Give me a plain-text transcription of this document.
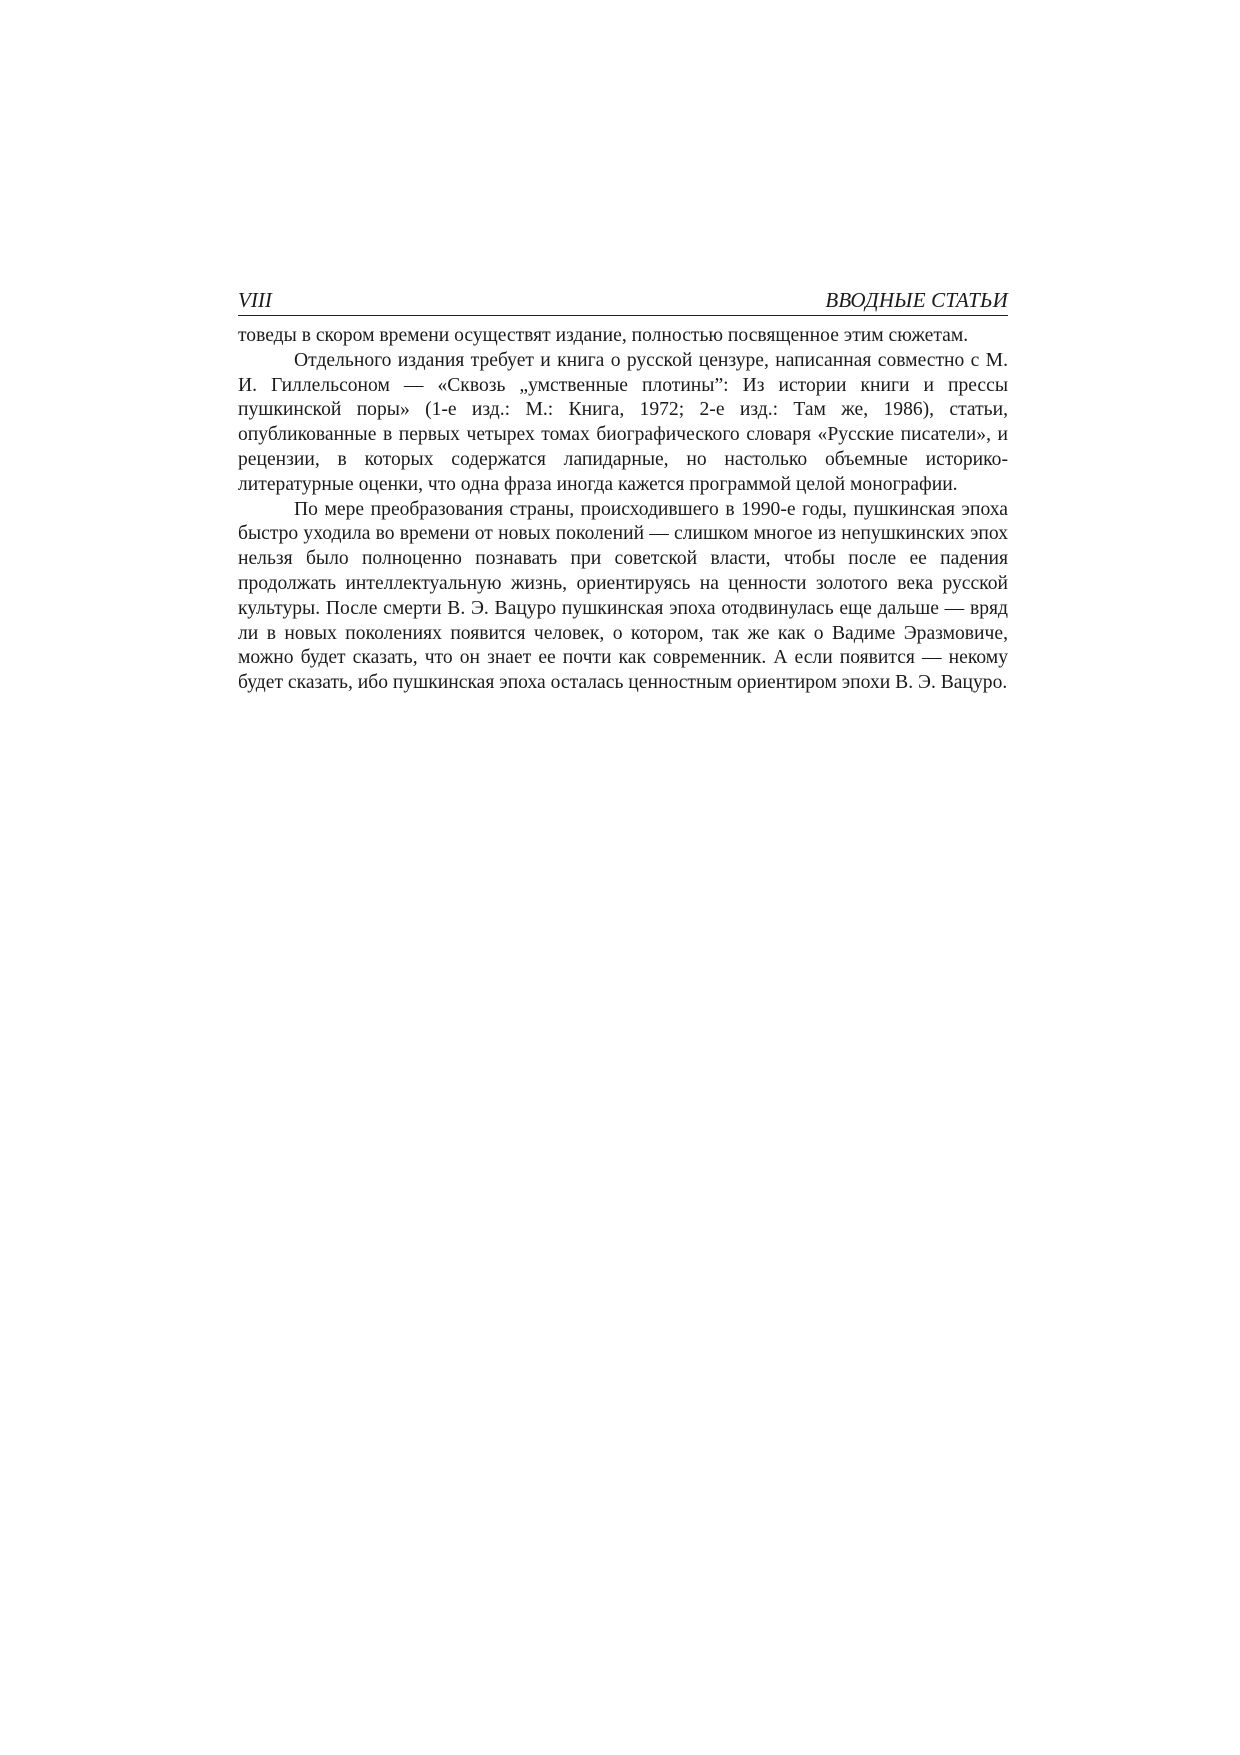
VIII	ВВОДНЫЕ СТАТЬИ

товеды в скором времени осуществят издание, полностью посвященное этим сюжетам.

Отдельного издания требует и книга о русской цензуре, написанная совместно с М. И. Гиллельсоном — «Сквозь „умственные плотины”: Из истории книги и прессы пушкинской поры» (1-е изд.: М.: Книга, 1972; 2-е изд.: Там же, 1986), статьи, опубликованные в первых четырех томах биографического словаря «Русские писатели», и рецензии, в которых содержатся лапидарные, но настолько объемные историко-литературные оценки, что одна фраза иногда кажется программой целой монографии.

По мере преобразования страны, происходившего в 1990-е годы, пушкинская эпоха быстро уходила во времени от новых поколений — слишком многое из непушкинских эпох нельзя было полноценно познавать при советской власти, чтобы после ее падения продолжать интеллектуальную жизнь, ориентируясь на ценности золотого века русской культуры. После смерти В. Э. Вацуро пушкинская эпоха отодвинулась еще дальше — вряд ли в новых поколениях появится человек, о котором, так же как о Вадиме Эразмовиче, можно будет сказать, что он знает ее почти как современник. А если появится — некому будет сказать, ибо пушкинская эпоха осталась ценностным ориентиром эпохи В. Э. Вацуро.
